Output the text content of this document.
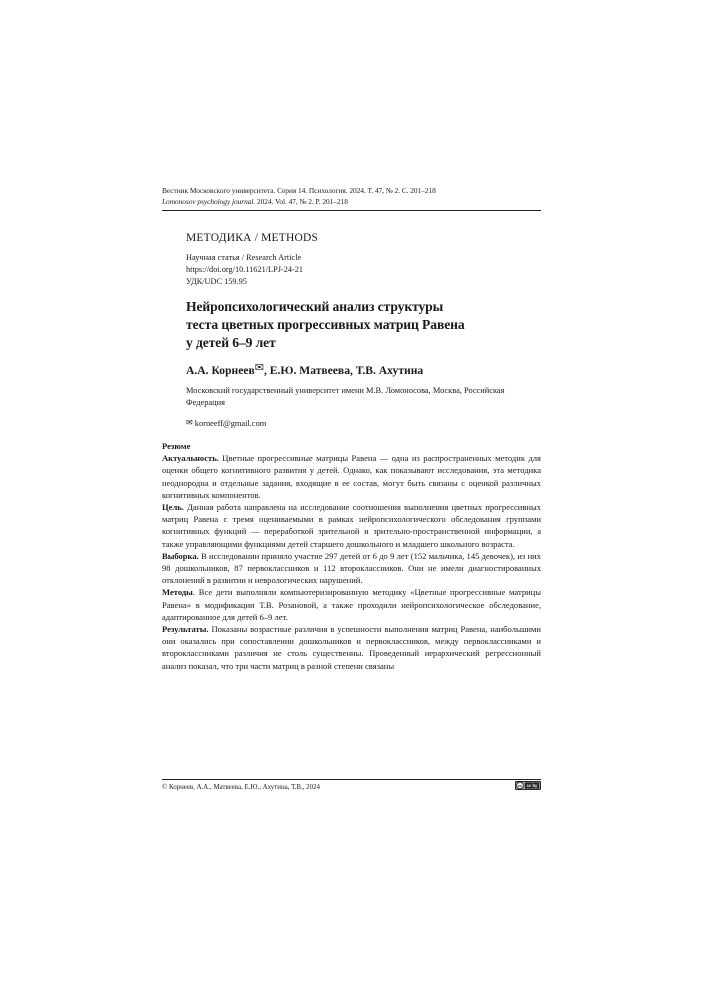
Вестник Московского университета. Серия 14. Психология. 2024. Т. 47, № 2. С. 201–218
Lomonosov psychology journal. 2024. Vol. 47, № 2. P. 201–218
МЕТОДИКА / METHODS
Научная статья / Research Article
https://doi.org/10.11621/LPJ-24-21
УДК/UDC 159.95
Нейропсихологический анализ структуры
теста цветных прогрессивных матриц Равена
у детей 6–9 лет
А.А. Корнеев✉, Е.Ю. Матвеева, Т.В. Ахутина
Московский государственный университет имени М.В. Ломоносова, Москва, Российская Федерация
✉ korneeff@gmail.com

Резюме

Актуальность. Цветные прогрессивные матрицы Равена — одна из распространенных методик для оценки общего когнитивного развития у детей. Однако, как показывают исследования, эта методика неоднородна и отдельные задания, входящие в ее состав, могут быть связаны с оценкой различных когнитивных компонентов.

Цель. Данная работа направлена на исследование соотношения выполнения цветных прогрессивных матриц Равена с тремя оцениваемыми в рамках нейропсихологического обследования группами когнитивных функций — переработкой зрительной и зрительно-пространственной информации, а также управляющими функциями детей старшего дошкольного и младшего школьного возраста.

Выборка. В исследовании приняло участие 297 детей от 6 до 9 лет (152 мальчика, 145 девочек), из них 98 дошкольников, 87 первоклассников и 112 второклассников. Они не имели диагностированных отклонений в развитии и неврологических нарушений.

Методы. Все дети выполняли компьютеризированную методику «Цветные прогрессивные матрицы Равена» в модификации Т.В. Розановой, а также проходили нейропсихологическое обследование, адаптированное для детей 6–9 лет.

Результаты. Показаны возрастные различия в успешности выполнения матриц Равена, наибольшими они оказались при сопоставлении дошкольников и первоклассников, между первоклассниками и второклассниками различия не столь существенны. Проведенный иерархический регрессионный анализ показал, что три части матриц в разной степени связаны

© Корнеев, А.А., Матвеева, Е.Ю., Ахутина, Т.В., 2024	cc cc by
